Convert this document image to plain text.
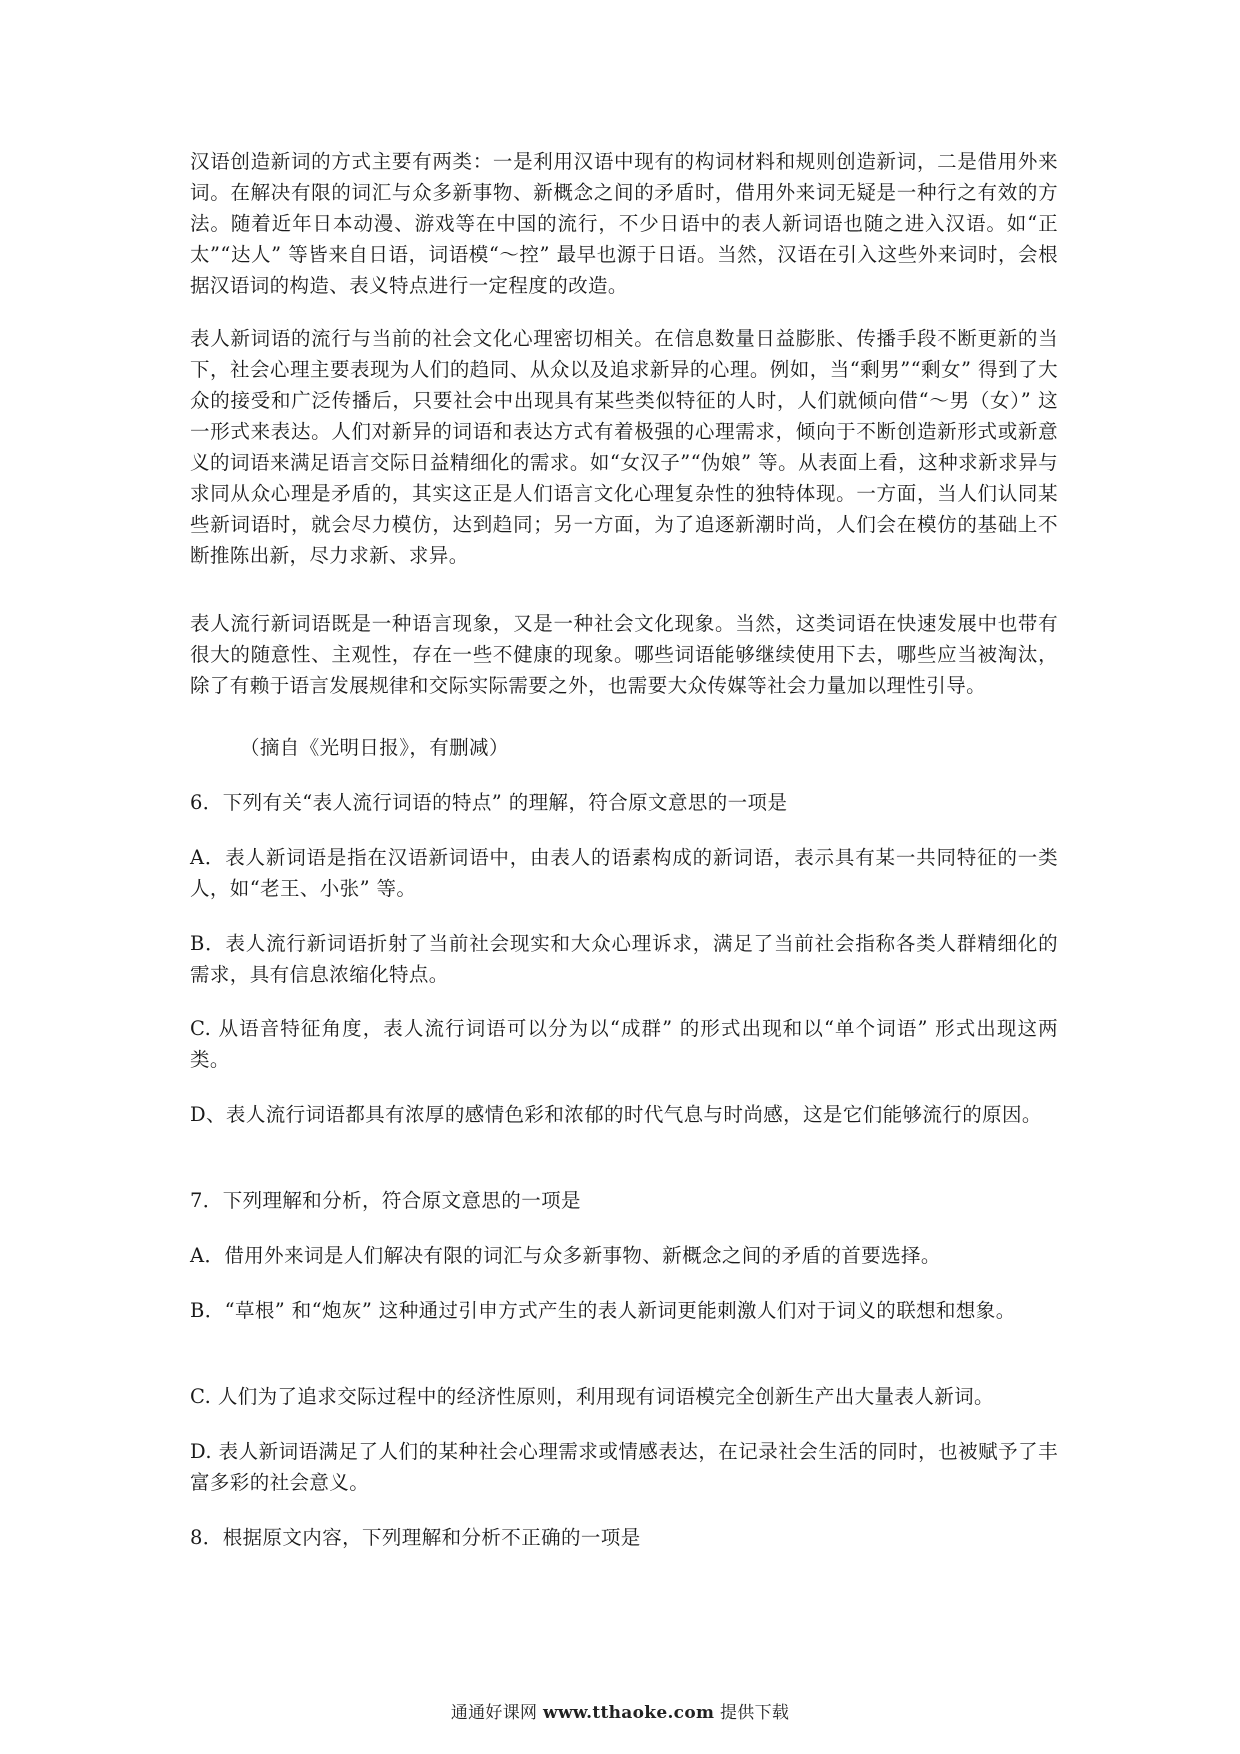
汉语创造新词的方式主要有两类：一是利用汉语中现有的构词材料和规则创造新词，二是借用外来词。在解决有限的词汇与众多新事物、新概念之间的矛盾时，借用外来词无疑是一种行之有效的方法。随着近年日本动漫、游戏等在中国的流行，不少日语中的表人新词语也随之进入汉语。如“正太”“达人” 等皆来自日语，词语模“～控” 最早也源于日语。当然，汉语在引入这些外来词时，会根据汉语词的构造、表义特点进行一定程度的改造。

表人新词语的流行与当前的社会文化心理密切相关。在信息数量日益膨胀、传播手段不断更新的当下，社会心理主要表现为人们的趋同、从众以及追求新异的心理。例如，当“剩男”“剩女” 得到了大众的接受和广泛传播后，只要社会中出现具有某些类似特征的人时，人们就倾向借“～男（女）” 这一形式来表达。人们对新异的词语和表达方式有着极强的心理需求，倾向于不断创造新形式或新意义的词语来满足语言交际日益精细化的需求。如“女汉子”“伪娘” 等。从表面上看，这种求新求异与求同从众心理是矛盾的，其实这正是人们语言文化心理复杂性的独特体现。一方面，当人们认同某些新词语时，就会尽力模仿，达到趋同；另一方面，为了追逐新潮时尚，人们会在模仿的基础上不断推陈出新，尽力求新、求异。

表人流行新词语既是一种语言现象，又是一种社会文化现象。当然，这类词语在快速发展中也带有很大的随意性、主观性，存在一些不健康的现象。哪些词语能够继续使用下去，哪些应当被淘汰，除了有赖于语言发展规律和交际实际需要之外，也需要大众传媒等社会力量加以理性引导。

（摘自《光明日报》，有删减）

6．下列有关“表人流行词语的特点” 的理解，符合原文意思的一项是

A．表人新词语是指在汉语新词语中，由表人的语素构成的新词语，表示具有某一共同特征的一类人，如“老王、小张” 等。

B．表人流行新词语折射了当前社会现实和大众心理诉求，满足了当前社会指称各类人群精细化的需求，具有信息浓缩化特点。

C. 从语音特征角度，表人流行词语可以分为以“成群” 的形式出现和以“单个词语” 形式出现这两类。

D、表人流行词语都具有浓厚的感情色彩和浓郁的时代气息与时尚感，这是它们能够流行的原因。

7．下列理解和分析，符合原文意思的一项是

A．借用外来词是人们解决有限的词汇与众多新事物、新概念之间的矛盾的首要选择。

B．“草根” 和“炮灰” 这种通过引申方式产生的表人新词更能刺激人们对于词义的联想和想象。

C. 人们为了追求交际过程中的经济性原则，利用现有词语模完全创新生产出大量表人新词。

D. 表人新词语满足了人们的某种社会心理需求或情感表达，在记录社会生活的同时，也被赋予了丰富多彩的社会意义。

8．根据原文内容，下列理解和分析不正确的一项是

通通好课网 www.tthaoke.com 提供下载
